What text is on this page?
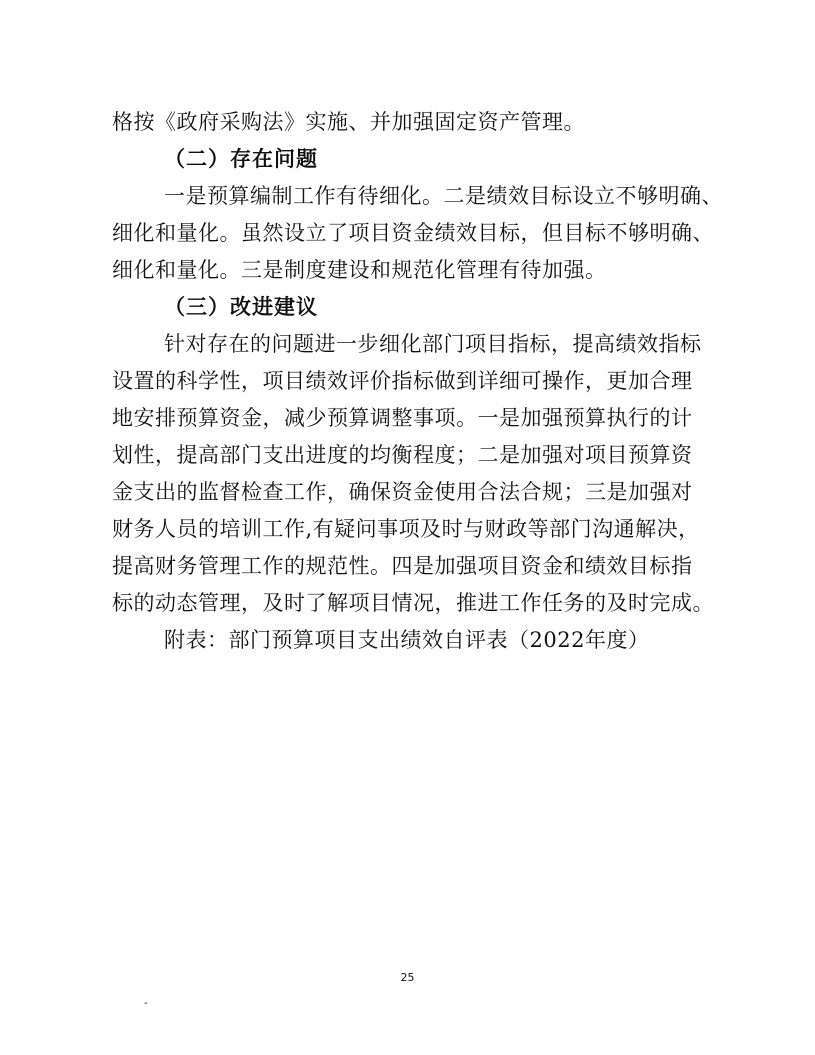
格按《政府采购法》实施、并加强固定资产管理。
（二）存在问题
一是预算编制工作有待细化。二是绩效目标设立不够明确、
细化和量化。虽然设立了项目资金绩效目标，但目标不够明确、
细化和量化。三是制度建设和规范化管理有待加强。
（三）改进建议
针对存在的问题进一步细化部门项目指标，提高绩效指标
设置的科学性，项目绩效评价指标做到详细可操作，更加合理
地安排预算资金，减少预算调整事项。一是加强预算执行的计
划性，提高部门支出进度的均衡程度；二是加强对项目预算资
金支出的监督检查工作，确保资金使用合法合规；三是加强对
财务人员的培训工作,有疑问事项及时与财政等部门沟通解决，
提高财务管理工作的规范性。四是加强项目资金和绩效目标指
标的动态管理，及时了解项目情况，推进工作任务的及时完成。
附表：部门预算项目支出绩效自评表（2022年度）
25
-
